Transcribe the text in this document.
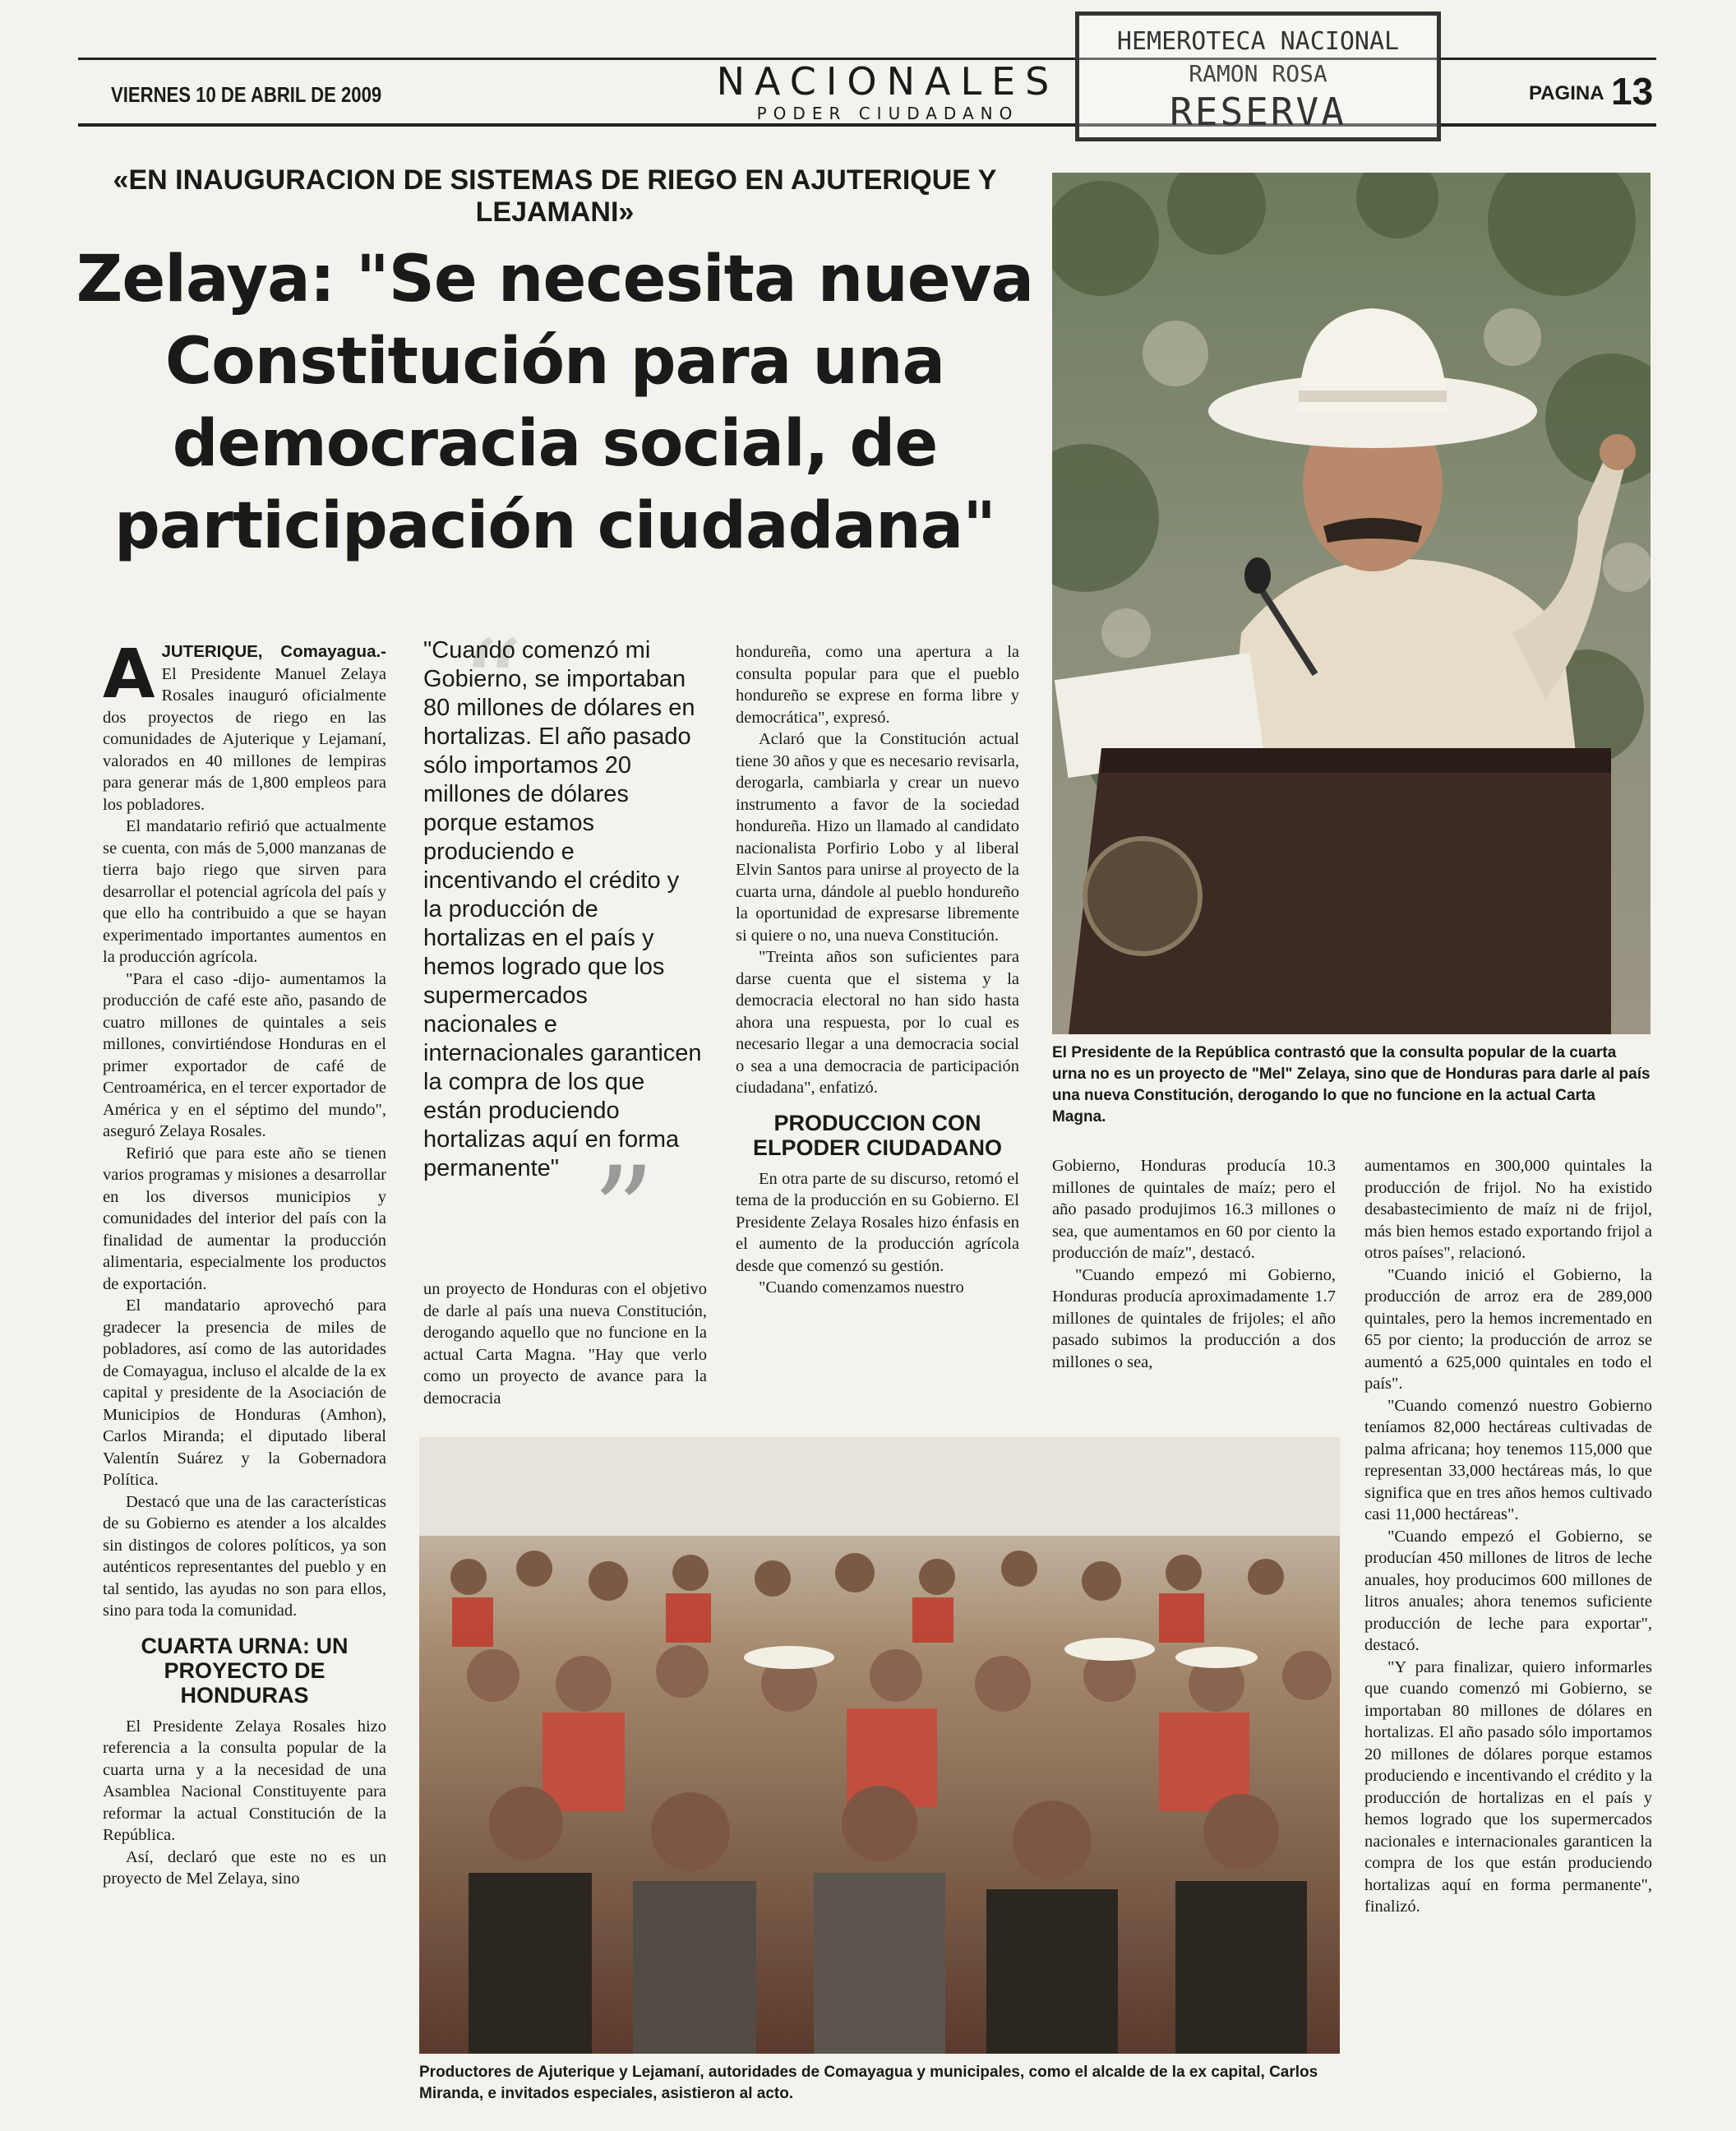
VIERNES 10 DE ABRIL DE 2009	NACIONALES
PODER CIUDADANO
PAGINA 13
HEMEROTECA NACIONAL
RAMON ROSA
RESERVA
«EN INAUGURACION DE SISTEMAS DE RIEGO EN AJUTERIQUE Y LEJAMANI»
Zelaya: "Se necesita nueva Constitución para una democracia social, de participación ciudadana"

A JUTERIQUE, Comayagua.- El Presidente Manuel Zelaya Rosales inauguró oficialmente dos proyectos de riego en las comunidades de Ajuterique y Lejamaní, valorados en 40 millones de lempiras para generar más de 1,800 empleos para los pobladores.

El mandatario refirió que actualmente se cuenta, con más de 5,000 manzanas de tierra bajo riego que sirven para desarrollar el potencial agrícola del país y que ello ha contribuido a que se hayan experimentado importantes aumentos en la producción agrícola.

"Para el caso -dijo- aumentamos la producción de café este año, pasando de cuatro millones de quintales a seis millones, convirtiéndose Honduras en el primer exportador de café de Centroamérica, en el tercer exportador de América y en el séptimo del mundo", aseguró Zelaya Rosales.

Refirió que para este año se tienen varios programas y misiones a desarrollar en los diversos municipios y comunidades del interior del país con la finalidad de aumentar la producción alimentaria, especialmente los productos de exportación.

El mandatario aprovechó para gradecer la presencia de miles de pobladores, así como de las autoridades de Comayagua, incluso el alcalde de la ex capital y presidente de la Asociación de Municipios de Honduras (Amhon), Carlos Miranda; el diputado liberal Valentín Suárez y la Gobernadora Política.

Destacó que una de las características de su Gobierno es atender a los alcaldes sin distingos de colores políticos, ya son auténticos representantes del pueblo y en tal sentido, las ayudas no son para ellos, sino para toda la comunidad.

CUARTA URNA: UN PROYECTO DE HONDURAS

El Presidente Zelaya Rosales hizo referencia a la consulta popular de la cuarta urna y a la necesidad de una Asamblea Nacional Constituyente para reformar la actual Constitución de la República.

Así, declaró que este no es un proyecto de Mel Zelaya, sino

“
"Cuando comenzó mi Gobierno, se importaban 80 millones de dólares en hortalizas. El año pasado sólo importamos 20 millones de dólares porque estamos produciendo e incentivando el crédito y la producción de hortalizas en el país y hemos logrado que los supermercados nacionales e internacionales garanticen la compra de los que están produciendo hortalizas aquí en forma permanente" ”

un proyecto de Honduras con el objetivo de darle al país una nueva Constitución, derogando aquello que no funcione en la actual Carta Magna. "Hay que verlo como un proyecto de avance para la democracia

hondureña, como una apertura a la consulta popular para que el pueblo hondureño se exprese en forma libre y democrática", expresó.

Aclaró que la Constitución actual tiene 30 años y que es necesario revisarla, derogarla, cambiarla y crear un nuevo instrumento a favor de la sociedad hondureña. Hizo un llamado al candidato nacionalista Porfirio Lobo y al liberal Elvin Santos para unirse al proyecto de la cuarta urna, dándole al pueblo hondureño la oportunidad de expresarse libremente si quiere o no, una nueva Constitución.

"Treinta años son suficientes para darse cuenta que el sistema y la democracia electoral no han sido hasta ahora una respuesta, por lo cual es necesario llegar a una democracia social o sea a una democracia de participación ciudadana", enfatizó.

PRODUCCION CON ELPODER CIUDADANO

En otra parte de su discurso, retomó el tema de la producción en su Gobierno. El Presidente Zelaya Rosales hizo énfasis en el aumento de la producción agrícola desde que comenzó su gestión.

"Cuando comenzamos nuestro

El Presidente de la República contrastó que la consulta popular de la cuarta urna no es un proyecto de "Mel" Zelaya, sino que de Honduras para darle al país una nueva Constitución, derogando lo que no funcione en la actual Carta Magna.

Gobierno, Honduras producía 10.3 millones de quintales de maíz; pero el año pasado produjimos 16.3 millones o sea, que aumentamos en 60 por ciento la producción de maíz", destacó.

"Cuando empezó mi Gobierno, Honduras producía aproximadamente 1.7 millones de quintales de frijoles; el año pasado subimos la producción a dos millones o sea,

aumentamos en 300,000 quintales la producción de frijol. No ha existido desabastecimiento de maíz ni de frijol, más bien hemos estado exportando frijol a otros países", relacionó.

"Cuando inició el Gobierno, la producción de arroz era de 289,000 quintales, pero la hemos incrementado en 65 por ciento; la producción de arroz se aumentó a 625,000 quintales en todo el país".

"Cuando comenzó nuestro Gobierno teníamos 82,000 hectáreas cultivadas de palma africana; hoy tenemos 115,000 que representan 33,000 hectáreas más, lo que significa que en tres años hemos cultivado casi 11,000 hectáreas".

"Cuando empezó el Gobierno, se producían 450 millones de litros de leche anuales, hoy producimos 600 millones de litros anuales; ahora tenemos suficiente producción de leche para exportar", destacó.

"Y para finalizar, quiero informarles que cuando comenzó mi Gobierno, se importaban 80 millones de dólares en hortalizas. El año pasado sólo importamos 20 millones de dólares porque estamos produciendo e incentivando el crédito y la producción de hortalizas en el país y hemos logrado que los supermercados nacionales e internacionales garanticen la compra de los que están produciendo hortalizas aquí en forma permanente", finalizó.

Productores de Ajuterique y Lejamaní, autoridades de Comayagua y municipales, como el alcalde de la ex capital, Carlos Miranda, e invitados especiales, asistieron al acto.
